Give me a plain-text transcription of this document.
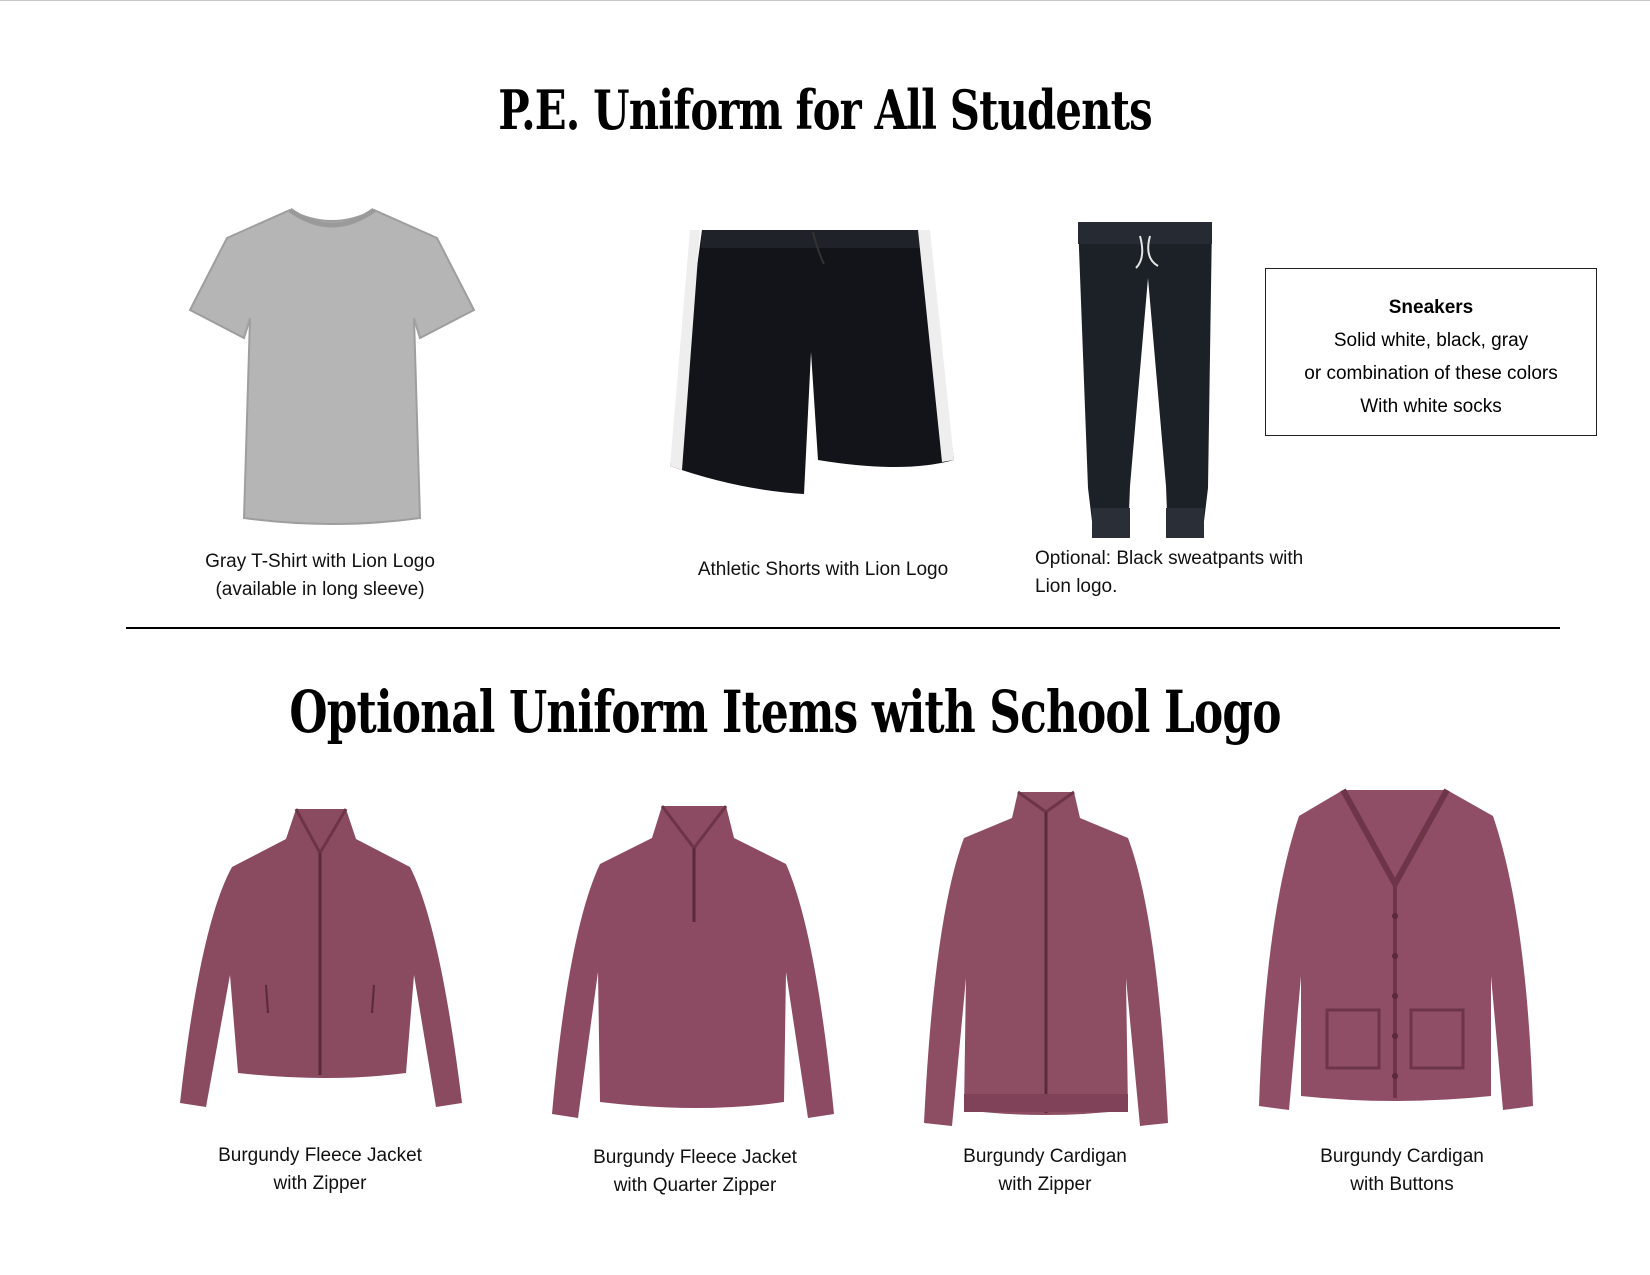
P.E. Uniform for All Students
Gray T-Shirt with Lion Logo
(available in long sleeve)
Athletic Shorts with Lion Logo
Optional: Black sweatpants with
Lion logo.
Sneakers
Solid white, black, gray
or combination of these colors
With white socks
Optional Uniform Items with School Logo
Burgundy Fleece Jacket
with Zipper
Burgundy Fleece Jacket
with Quarter Zipper
Burgundy Cardigan
with Zipper
Burgundy Cardigan
with Buttons
